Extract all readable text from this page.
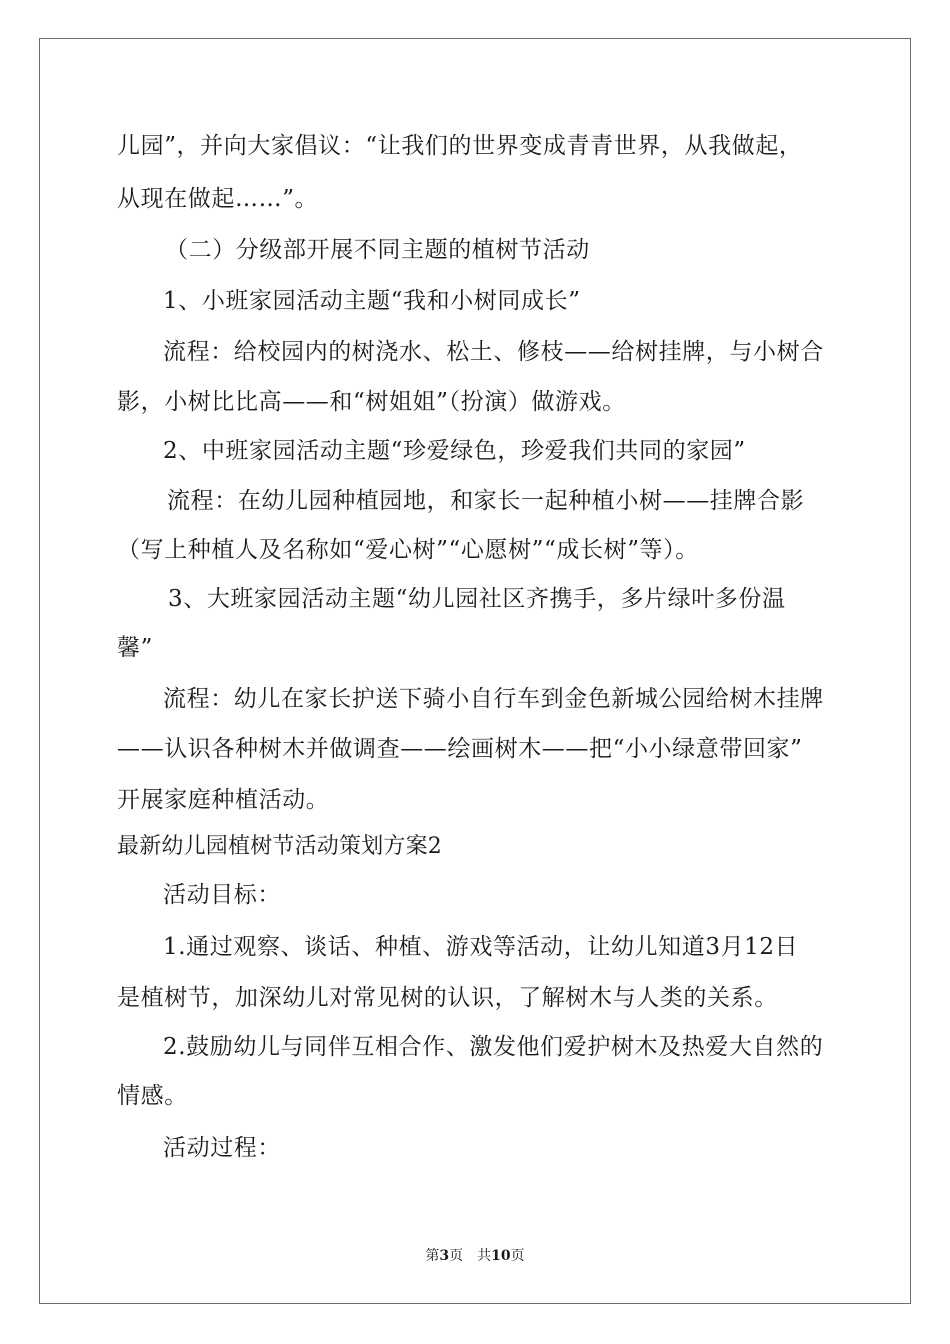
儿园”，并向大家倡议：“让我们的世界变成青青世界，从我做起，
从现在做起……”。
（二）分级部开展不同主题的植树节活动
1、小班家园活动主题“我和小树同成长”
流程：给校园内的树浇水、松土、修枝——给树挂牌，与小树合
影，小树比比高——和“树姐姐”（扮演）做游戏。
2、中班家园活动主题“珍爱绿色，珍爱我们共同的家园”
流程：在幼儿园种植园地，和家长一起种植小树——挂牌合影
（写上种植人及名称如“爱心树”“心愿树”“成长树”等）。
3、大班家园活动主题“幼儿园社区齐携手，多片绿叶多份温
馨”
流程：幼儿在家长护送下骑小自行车到金色新城公园给树木挂牌
——认识各种树木并做调查——绘画树木——把“小小绿意带回家”
开展家庭种植活动。
最新幼儿园植树节活动策划方案2
活动目标：
1.通过观察、谈话、种植、游戏等活动，让幼儿知道3月12日
是植树节，加深幼儿对常见树的认识，了解树木与人类的关系。
2.鼓励幼儿与同伴互相合作、激发他们爱护树木及热爱大自然的
情感。
活动过程：
第3页 共10页
